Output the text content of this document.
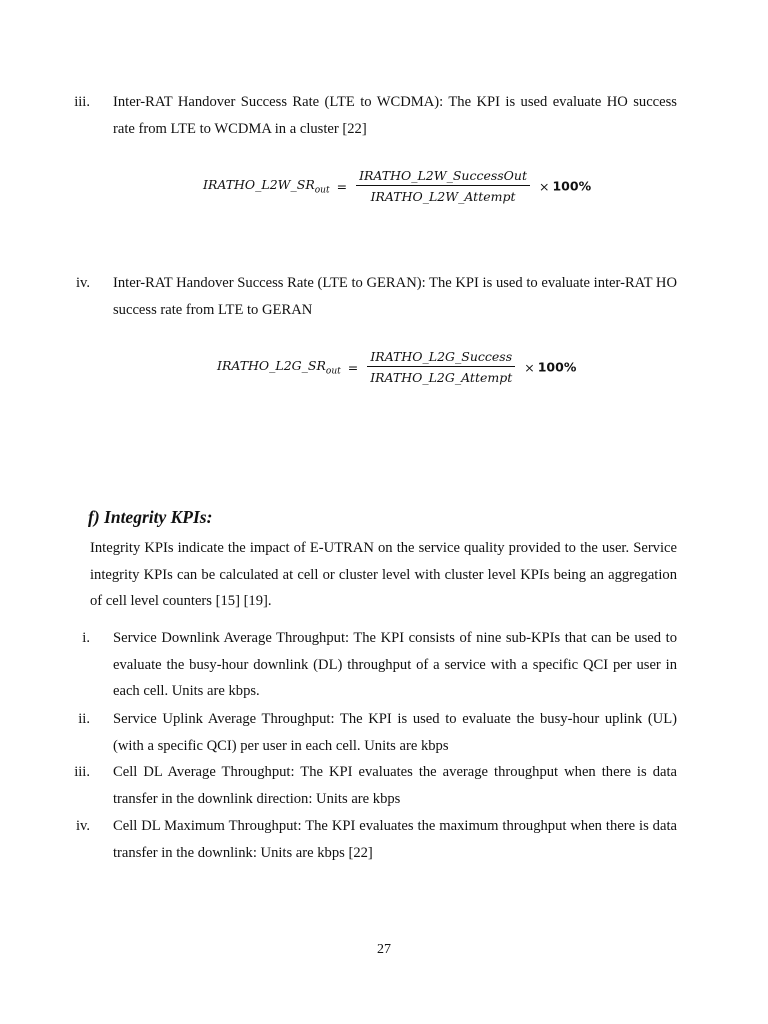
iii. Inter-RAT Handover Success Rate (LTE to WCDMA): The KPI is used evaluate HO success rate from LTE to WCDMA in a cluster [22]
$IRATHO\_L2W\_SR_{out} = \frac{\text{IRATHO\_L2W\_SuccessOut}}{\text{IRATHO\_L2W\_Attempt}} \times 100\%$
iv. Inter-RAT Handover Success Rate (LTE to GERAN): The KPI is used to evaluate inter-RAT HO success rate from LTE to GERAN
$IRATHO\_L2G\_SR_{out} = \frac{\text{IRATHO\_L2G\_Success}}{\text{IRATHO\_L2G\_Attempt}} \times 100\%$
f) Integrity KPIs:
Integrity KPIs indicate the impact of E-UTRAN on the service quality provided to the user. Service integrity KPIs can be calculated at cell or cluster level with cluster level KPIs being an aggregation of cell level counters [15] [19].
i. Service Downlink Average Throughput: The KPI consists of nine sub-KPIs that can be used to evaluate the busy-hour downlink (DL) throughput of a service with a specific QCI per user in each cell. Units are kbps.
ii. Service Uplink Average Throughput: The KPI is used to evaluate the busy-hour uplink (UL) (with a specific QCI) per user in each cell. Units are kbps
iii. Cell DL Average Throughput: The KPI evaluates the average throughput when there is data transfer in the downlink direction: Units are kbps
iv. Cell DL Maximum Throughput: The KPI evaluates the maximum throughput when there is data transfer in the downlink: Units are kbps [22]
27
